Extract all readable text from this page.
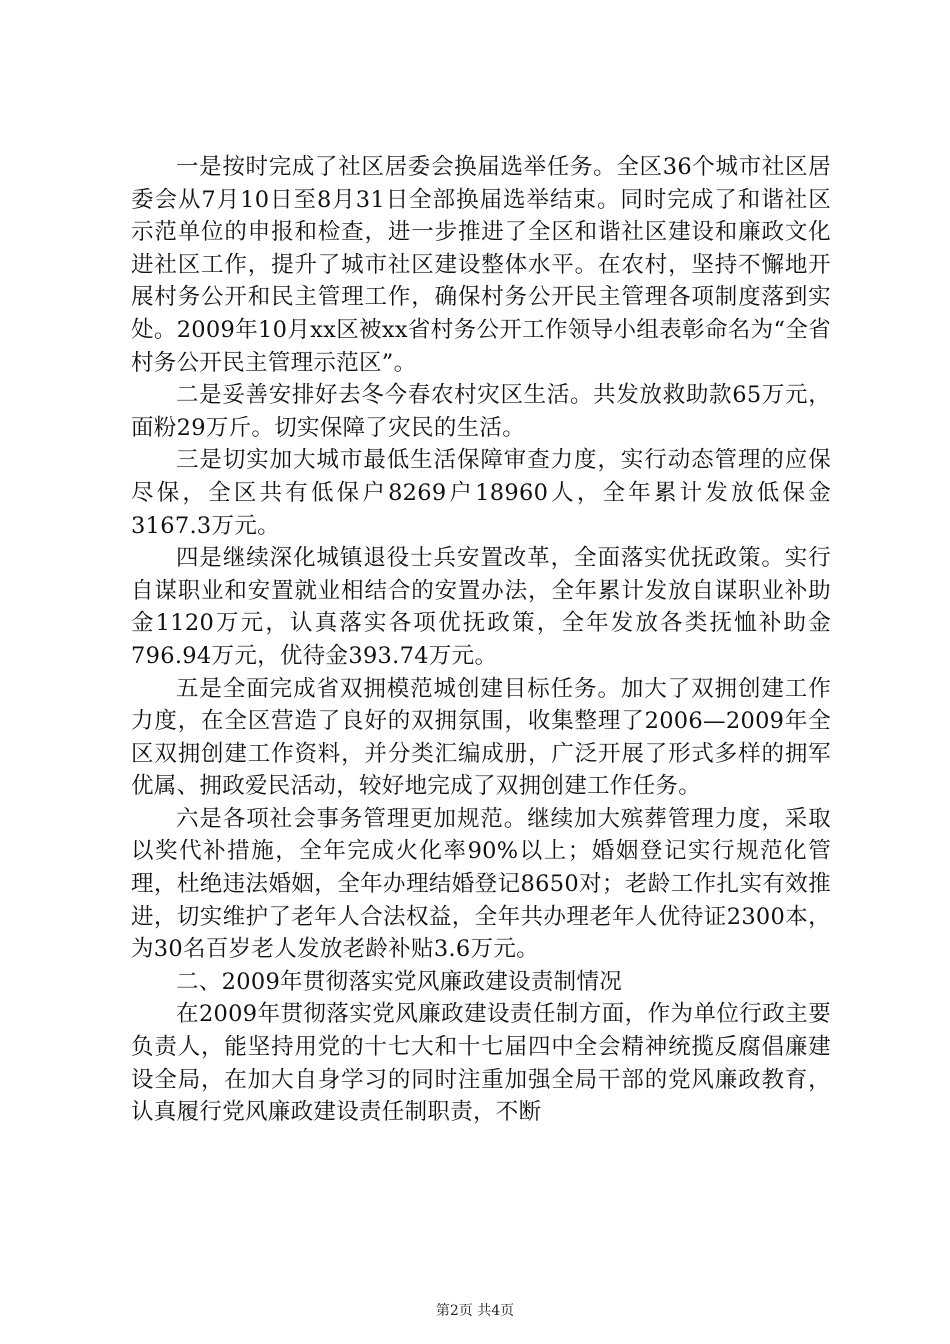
一是按时完成了社区居委会换届选举任务。全区36个城市社区居委会从7月10日至8月31日全部换届选举结束。同时完成了和谐社区示范单位的申报和检查，进一步推进了全区和谐社区建设和廉政文化进社区工作，提升了城市社区建设整体水平。在农村，坚持不懈地开展村务公开和民主管理工作，确保村务公开民主管理各项制度落到实处。2009年10月xx区被xx省村务公开工作领导小组表彰命名为“全省村务公开民主管理示范区”。

二是妥善安排好去冬今春农村灾区生活。共发放救助款65万元，面粉29万斤。切实保障了灾民的生活。

三是切实加大城市最低生活保障审查力度，实行动态管理的应保尽保，全区共有低保户8269户18960人，全年累计发放低保金3167.3万元。

四是继续深化城镇退役士兵安置改革，全面落实优抚政策。实行自谋职业和安置就业相结合的安置办法，全年累计发放自谋职业补助金1120万元，认真落实各项优抚政策，全年发放各类抚恤补助金796.94万元，优待金393.74万元。

五是全面完成省双拥模范城创建目标任务。加大了双拥创建工作力度，在全区营造了良好的双拥氛围，收集整理了2006—2009年全区双拥创建工作资料，并分类汇编成册，广泛开展了形式多样的拥军优属、拥政爱民活动，较好地完成了双拥创建工作任务。

六是各项社会事务管理更加规范。继续加大殡葬管理力度，采取以奖代补措施，全年完成火化率90%以上；婚姻登记实行规范化管理，杜绝违法婚姻，全年办理结婚登记8650对；老龄工作扎实有效推进，切实维护了老年人合法权益，全年共办理老年人优待证2300本，为30名百岁老人发放老龄补贴3.6万元。

二、2009年贯彻落实党风廉政建设责制情况

在2009年贯彻落实党风廉政建设责任制方面，作为单位行政主要负责人，能坚持用党的十七大和十七届四中全会精神统揽反腐倡廉建设全局，在加大自身学习的同时注重加强全局干部的党风廉政教育，认真履行党风廉政建设责任制职责，不断

第2页 共4页
